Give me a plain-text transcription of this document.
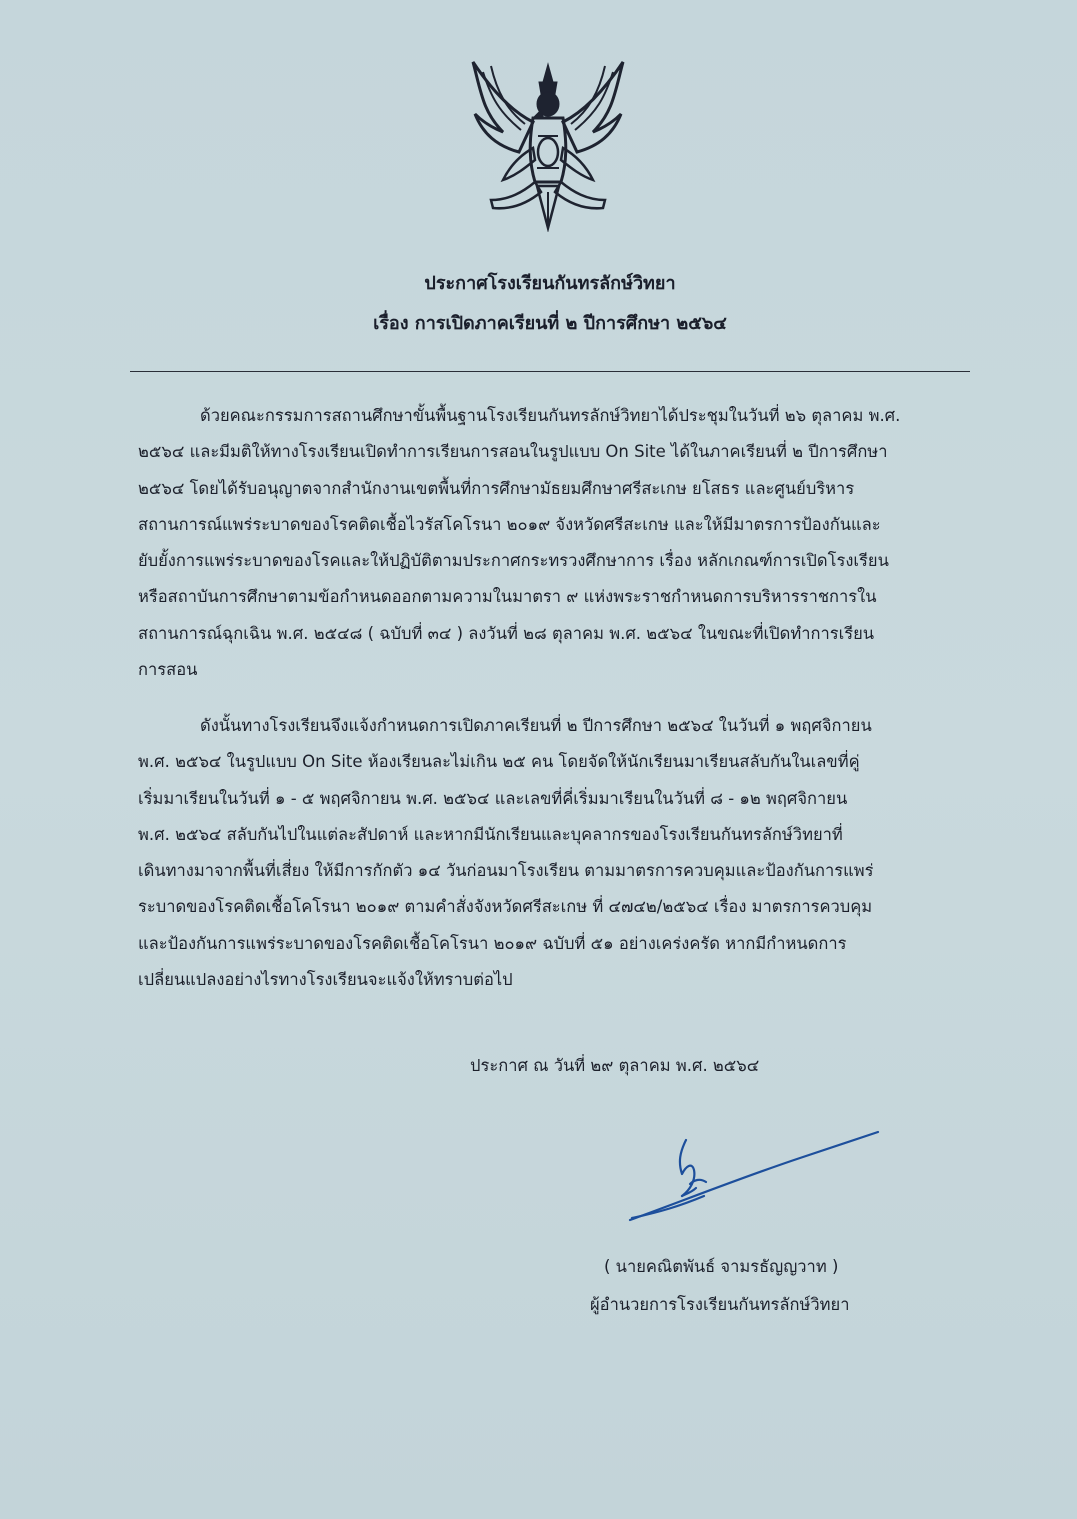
ประกาศโรงเรียนกันทรลักษ์วิทยา
เรื่อง การเปิดภาคเรียนที่ ๒ ปีการศึกษา ๒๕๖๔
ด้วยคณะกรรมการสถานศึกษาขั้นพื้นฐานโรงเรียนกันทรลักษ์วิทยาได้ประชุมในวันที่ ๒๖ ตุลาคม พ.ศ.
๒๕๖๔ และมีมติให้ทางโรงเรียนเปิดทำการเรียนการสอนในรูปแบบ On Site ได้ในภาคเรียนที่ ๒ ปีการศึกษา
๒๕๖๔ โดยได้รับอนุญาตจากสำนักงานเขตพื้นที่การศึกษามัธยมศึกษาศรีสะเกษ ยโสธร และศูนย์บริหาร
สถานการณ์แพร่ระบาดของโรคติดเชื้อไวรัสโคโรนา ๒๐๑๙ จังหวัดศรีสะเกษ และให้มีมาตรการป้องกันและ
ยับยั้งการแพร่ระบาดของโรคและให้ปฏิบัติตามประกาศกระทรวงศึกษาการ เรื่อง หลักเกณฑ์การเปิดโรงเรียน
หรือสถาบันการศึกษาตามข้อกำหนดออกตามความในมาตรา ๙ แห่งพระราชกำหนดการบริหารราชการใน
สถานการณ์ฉุกเฉิน พ.ศ. ๒๕๔๘ ( ฉบับที่ ๓๔ ) ลงวันที่ ๒๘ ตุลาคม พ.ศ. ๒๕๖๔ ในขณะที่เปิดทำการเรียน
การสอน
ดังนั้นทางโรงเรียนจึงแจ้งกำหนดการเปิดภาคเรียนที่ ๒ ปีการศึกษา ๒๕๖๔ ในวันที่ ๑ พฤศจิกายน
พ.ศ. ๒๕๖๔ ในรูปแบบ On Site ห้องเรียนละไม่เกิน ๒๕ คน โดยจัดให้นักเรียนมาเรียนสลับกันในเลขที่คู่
เริ่มมาเรียนในวันที่ ๑ - ๕ พฤศจิกายน พ.ศ. ๒๕๖๔ และเลขที่คี่เริ่มมาเรียนในวันที่ ๘ - ๑๒ พฤศจิกายน
พ.ศ. ๒๕๖๔ สลับกันไปในแต่ละสัปดาห์ และหากมีนักเรียนและบุคลากรของโรงเรียนกันทรลักษ์วิทยาที่
เดินทางมาจากพื้นที่เสี่ยง ให้มีการกักตัว ๑๔ วันก่อนมาโรงเรียน ตามมาตรการควบคุมและป้องกันการแพร่
ระบาดของโรคติดเชื้อโคโรนา ๒๐๑๙ ตามคำสั่งจังหวัดศรีสะเกษ ที่ ๔๗๔๒/๒๕๖๔ เรื่อง มาตรการควบคุม
และป้องกันการแพร่ระบาดของโรคติดเชื้อโคโรนา ๒๐๑๙ ฉบับที่ ๕๑ อย่างเคร่งครัด หากมีกำหนดการ
เปลี่ยนแปลงอย่างไรทางโรงเรียนจะแจ้งให้ทราบต่อไป
ประกาศ ณ วันที่ ๒๙ ตุลาคม พ.ศ. ๒๕๖๔
( นายคณิตพันธ์ จามรธัญญวาท )
ผู้อำนวยการโรงเรียนกันทรลักษ์วิทยา
